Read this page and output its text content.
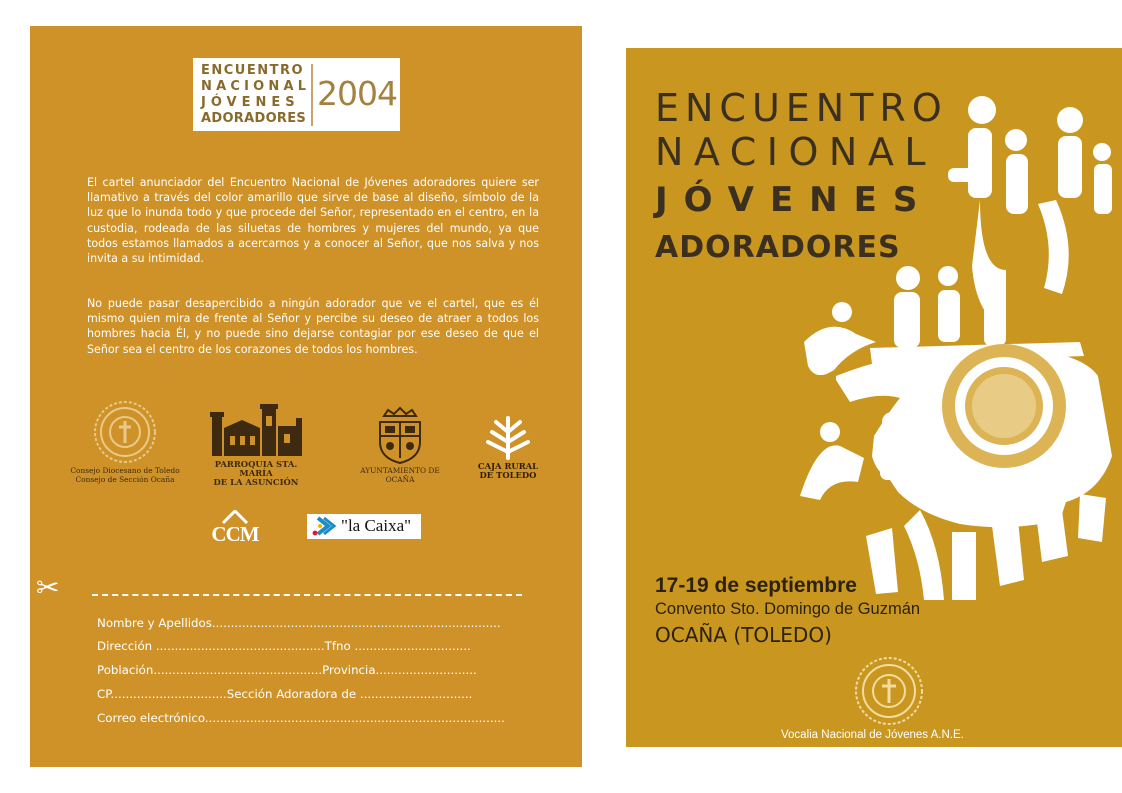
ENCUENTRO
NACIONAL
JÓVENES
ADORADORES
2004

El cartel anunciador del Encuentro Nacional de Jóvenes adoradores quiere ser llamativo a través del color amarillo que sirve de base al diseño, símbolo de la luz que lo inunda todo y que procede del Señor, representado en el centro, en la custodia, rodeada de las siluetas de hombres y mujeres del mundo, ya que todos estamos llamados a acercarnos y a conocer al Señor, que nos salva y nos invita a su intimidad.

No puede pasar desapercibido a ningún adorador que ve el cartel, que es él mismo quien mira de frente al Señor y percibe su deseo de atraer a todos los hombres hacia Él, y no puede sino dejarse contagiar por ese deseo de que el Señor sea el centro de los corazones de todos los hombres.

Consejo Diocesano de Toledo
Consejo de Sección Ocaña
PARROQUIA STA. MARÍA
DE LA ASUNCIÓN
AYUNTAMIENTO DE OCAÑA
CAJA RURAL
DE TOLEDO
CCM	"la Caixa"
✂

Nombre y Apellidos.............................................................................

Dirección .............................................Tfno ...............................

Población.............................................Provincia...........................

CP...............................Sección Adoradora de ..............................

Correo electrónico................................................................................

ENCUENTRO

NACIONAL

JÓVENES

ADORADORES

17-19 de septiembre

Convento Sto. Domingo de Guzmán

OCAÑA (TOLEDO)

Vocalia Nacional de Jóvenes A.N.E.
